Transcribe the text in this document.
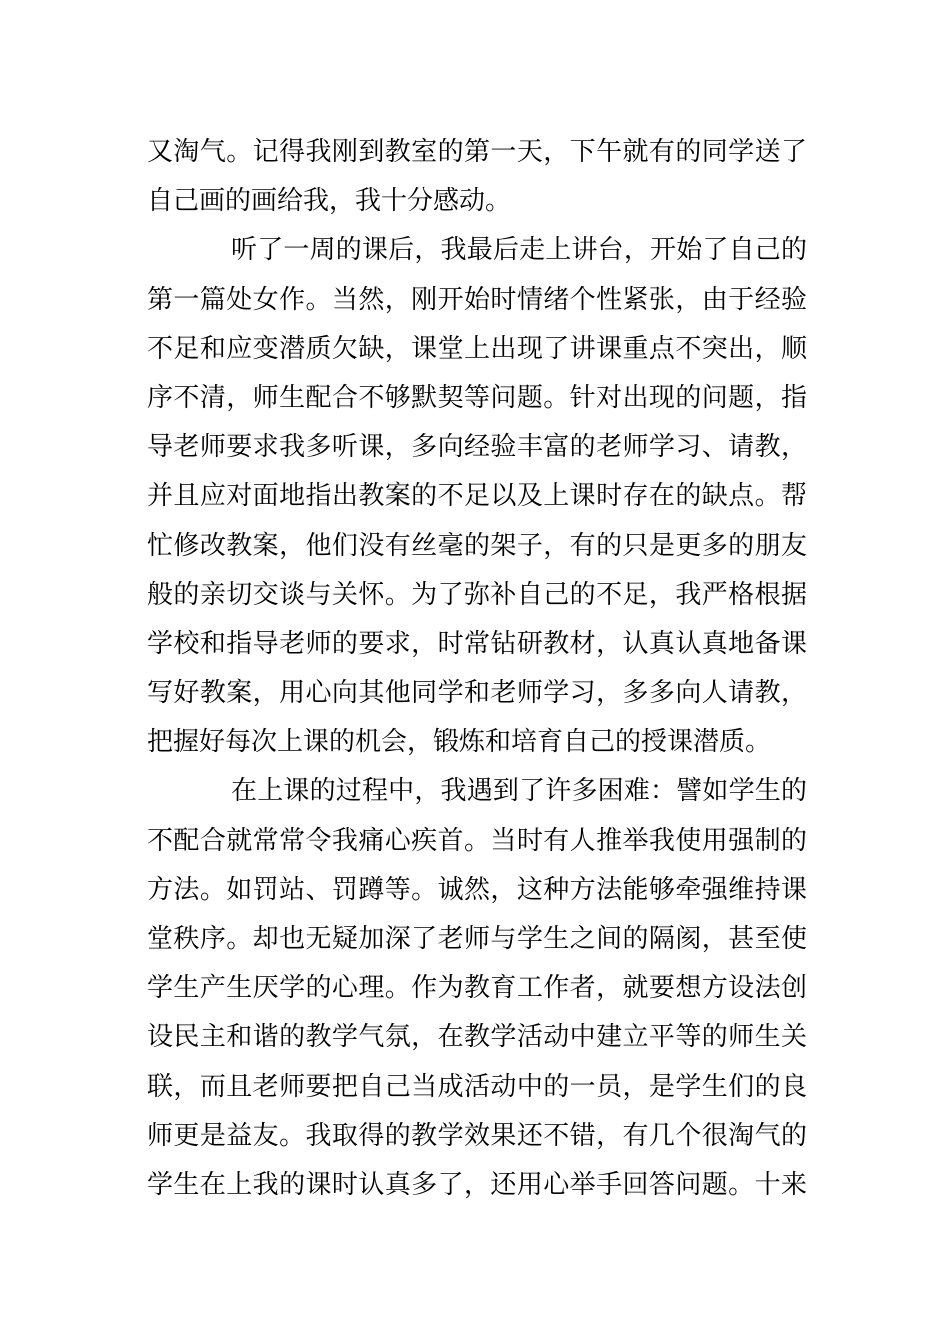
又淘气。记得我刚到教室的第一天，下午就有的同学送了
自己画的画给我，我十分感动。
听了一周的课后，我最后走上讲台，开始了自己的
第一篇处女作。当然，刚开始时情绪个性紧张，由于经验
不足和应变潜质欠缺，课堂上出现了讲课重点不突出，顺
序不清，师生配合不够默契等问题。针对出现的问题，指
导老师要求我多听课，多向经验丰富的老师学习、请教，
并且应对面地指出教案的不足以及上课时存在的缺点。帮
忙修改教案，他们没有丝毫的架子，有的只是更多的朋友
般的亲切交谈与关怀。为了弥补自己的不足，我严格根据
学校和指导老师的要求，时常钻研教材，认真认真地备课
写好教案，用心向其他同学和老师学习，多多向人请教，
把握好每次上课的机会，锻炼和培育自己的授课潜质。
在上课的过程中，我遇到了许多困难：譬如学生的
不配合就常常令我痛心疾首。当时有人推举我使用强制的
方法。如罚站、罚蹲等。诚然，这种方法能够牵强维持课
堂秩序。却也无疑加深了老师与学生之间的隔阂，甚至使
学生产生厌学的心理。作为教育工作者，就要想方设法创
设民主和谐的教学气氛，在教学活动中建立平等的师生关
联，而且老师要把自己当成活动中的一员，是学生们的良
师更是益友。我取得的教学效果还不错，有几个很淘气的
学生在上我的课时认真多了，还用心举手回答问题。十来
